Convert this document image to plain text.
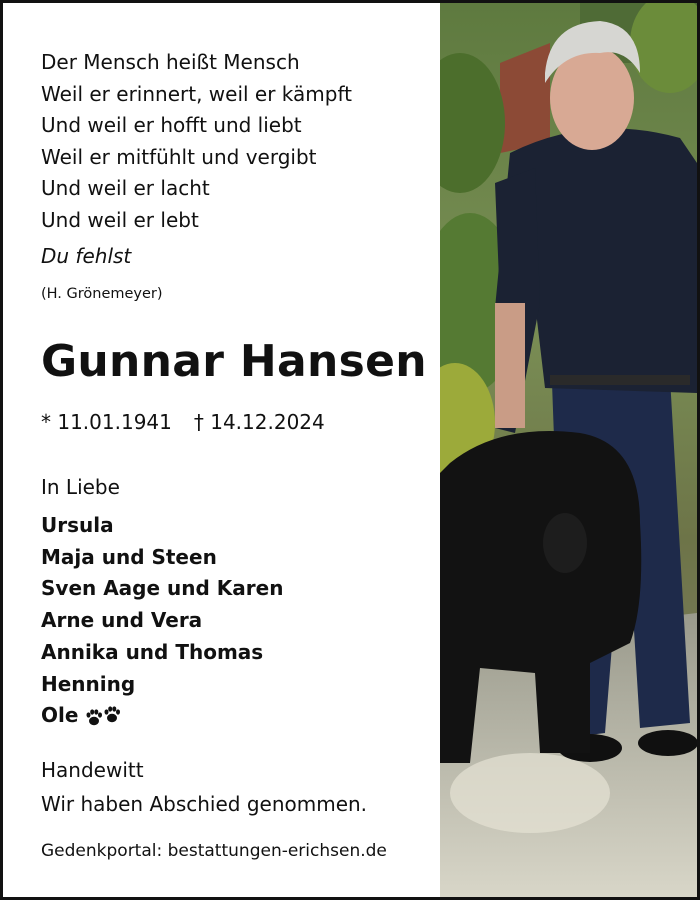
Der Mensch heißt Mensch
Weil er erinnert, weil er kämpft
Und weil er hofft und liebt
Weil er mitfühlt und vergibt
Und weil er lacht
Und weil er lebt
Du fehlst
(H. Grönemeyer)
Gunnar Hansen
* 11.01.1941 † 14.12.2024
In Liebe
Ursula
Maja und Steen
Sven Aage und Karen
Arne und Vera
Annika und Thomas
Henning
Ole
Handewitt
Wir haben Abschied genommen.
Gedenkportal: bestattungen-erichsen.de
